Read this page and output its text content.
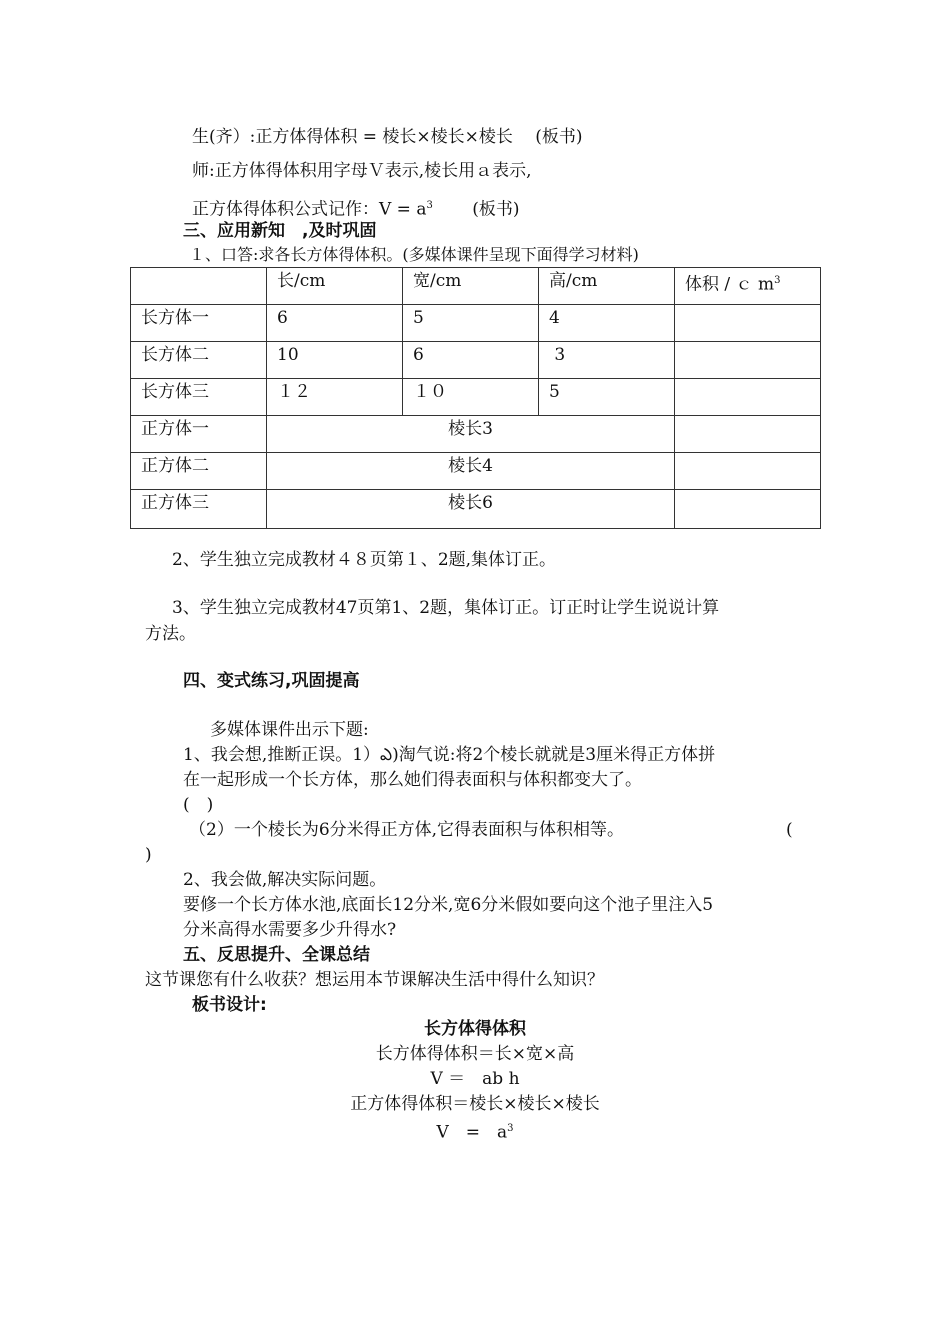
生(齐）:正方体得体积 = 棱长×棱长×棱长　 (板书)
师:正方体得体积用字母Ｖ表示,棱长用ａ表示,
正方体得体积公式记作：$V = a^3$　　 (板书)
三、应用新知　,及时巩固
１、口答:求各长方体得体积。(多媒体课件呈现下面得学习材料)
	长/cm	宽/cm	高/cm	体积 / ｃ $m^3$
长方体一	6	5	4	
长方体二	10	6	3	
长方体三	１２	１０	5	
正方体一	棱长3			
正方体二	棱长4			
正方体三	棱长6			
2、学生独立完成教材４８页第１、2题,集体订正。
3、学生独立完成教材47页第1、2题，集体订正。订正时让学生说说计算
方法。
四、变式练习,巩固提高
多媒体课件出示下题:
1、我会想,推断正误。1）ఎ)淘气说:将2个棱长就就是3厘米得正方体拼
在一起形成一个长方体，那么她们得表面积与体积都变大了。
(　)
（2）一个棱长为6分米得正方体,它得表面积与体积相等。	(
)
2、我会做,解决实际问题。
要修一个长方体水池,底面长12分米,宽6分米假如要向这个池子里注入5
分米高得水需要多少升得水?
五、反思提升、全课总结
这节课您有什么收获？想运用本节课解决生活中得什么知识？
板书设计:
长方体得体积
长方体得体积＝长×宽×高
V ＝　ab h
正方体得体积＝棱长×棱长×棱长
V　=　$a^3$
